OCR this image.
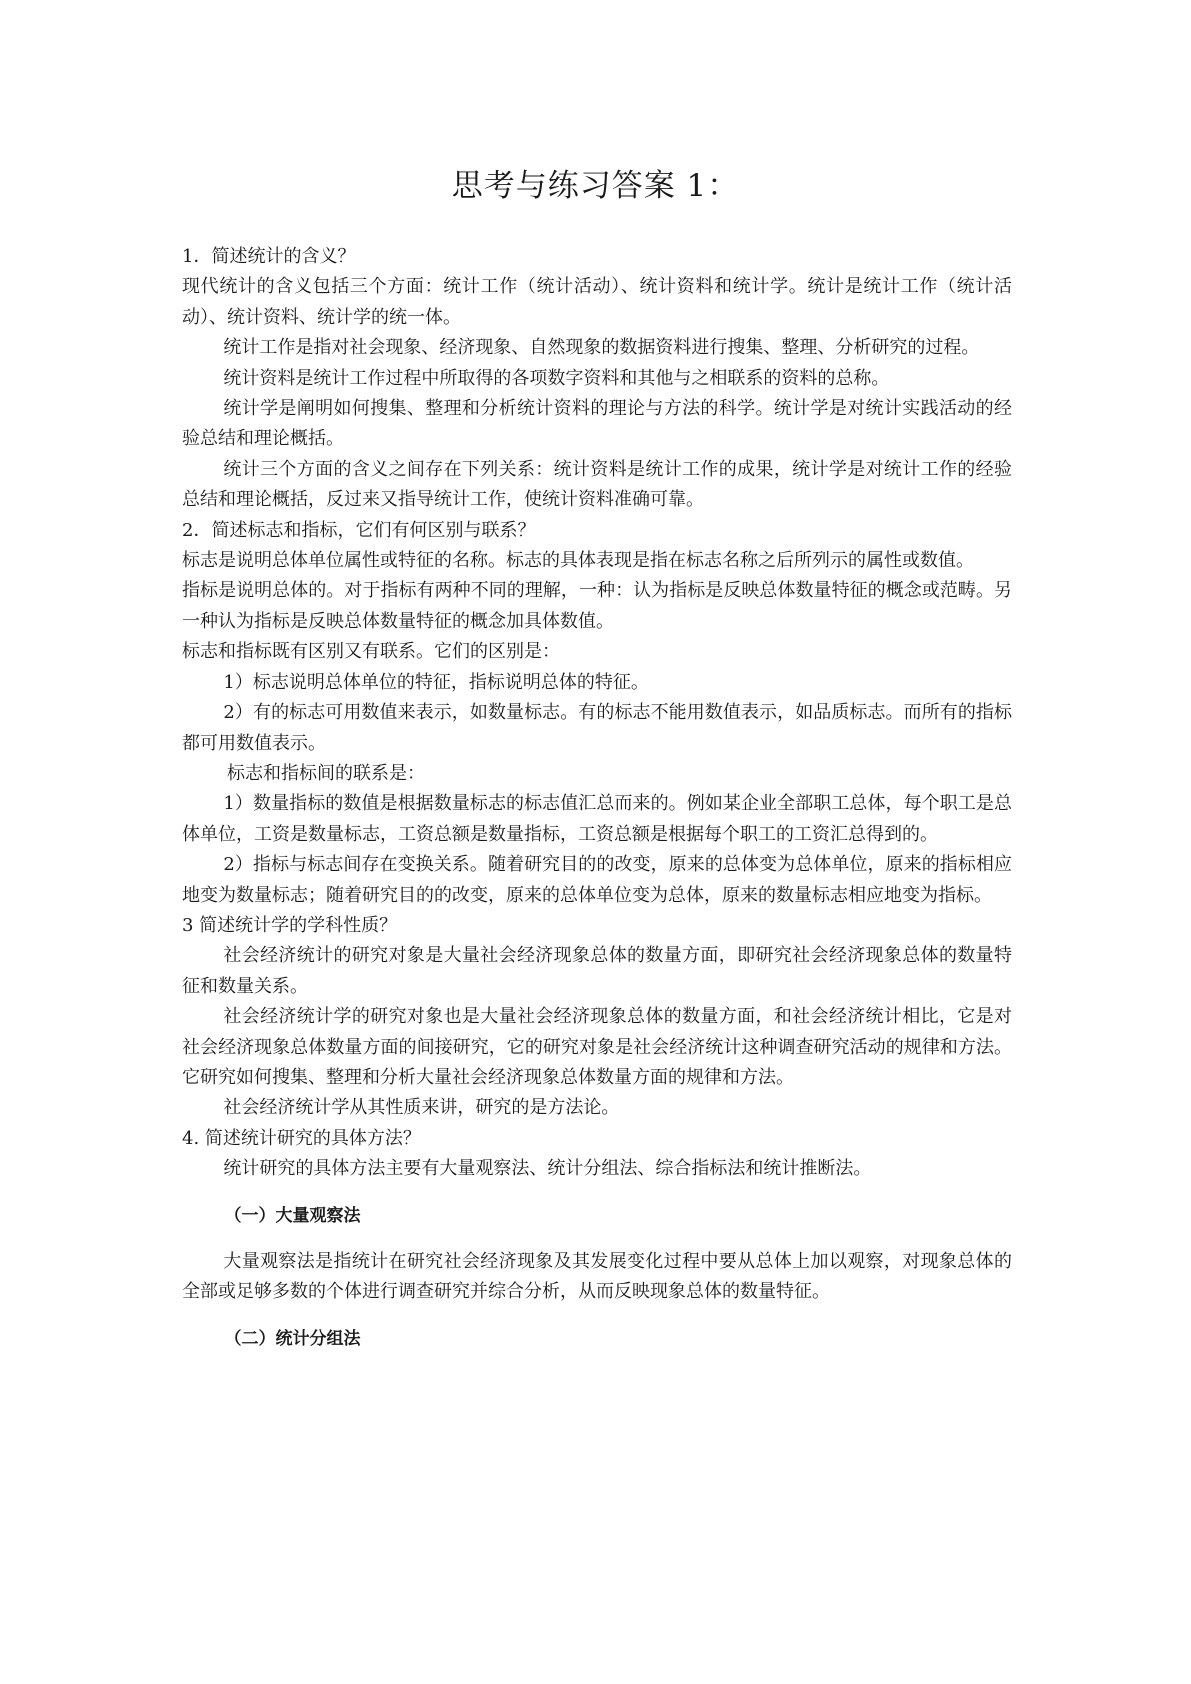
思考与练习答案 1：

1．简述统计的含义？

现代统计的含义包括三个方面：统计工作（统计活动）、统计资料和统计学。统计是统计工作（统计活动）、统计资料、统计学的统一体。

统计工作是指对社会现象、经济现象、自然现象的数据资料进行搜集、整理、分析研究的过程。

统计资料是统计工作过程中所取得的各项数字资料和其他与之相联系的资料的总称。

统计学是阐明如何搜集、整理和分析统计资料的理论与方法的科学。统计学是对统计实践活动的经验总结和理论概括。

统计三个方面的含义之间存在下列关系：统计资料是统计工作的成果，统计学是对统计工作的经验总结和理论概括，反过来又指导统计工作，使统计资料准确可靠。

2．简述标志和指标，它们有何区别与联系？

标志是说明总体单位属性或特征的名称。标志的具体表现是指在标志名称之后所列示的属性或数值。

指标是说明总体的。对于指标有两种不同的理解，一种：认为指标是反映总体数量特征的概念或范畴。另一种认为指标是反映总体数量特征的概念加具体数值。

标志和指标既有区别又有联系。它们的区别是：

1）标志说明总体单位的特征，指标说明总体的特征。

2）有的标志可用数值来表示，如数量标志。有的标志不能用数值表示，如品质标志。而所有的指标都可用数值表示。

标志和指标间的联系是：

1）数量指标的数值是根据数量标志的标志值汇总而来的。例如某企业全部职工总体，每个职工是总体单位，工资是数量标志，工资总额是数量指标，工资总额是根据每个职工的工资汇总得到的。

2）指标与标志间存在变换关系。随着研究目的的改变，原来的总体变为总体单位，原来的指标相应地变为数量标志；随着研究目的的改变，原来的总体单位变为总体，原来的数量标志相应地变为指标。

3 简述统计学的学科性质？

社会经济统计的研究对象是大量社会经济现象总体的数量方面，即研究社会经济现象总体的数量特征和数量关系。

社会经济统计学的研究对象也是大量社会经济现象总体的数量方面，和社会经济统计相比，它是对社会经济现象总体数量方面的间接研究，它的研究对象是社会经济统计这种调查研究活动的规律和方法。它研究如何搜集、整理和分析大量社会经济现象总体数量方面的规律和方法。

社会经济统计学从其性质来讲，研究的是方法论。

4. 简述统计研究的具体方法？

统计研究的具体方法主要有大量观察法、统计分组法、综合指标法和统计推断法。

（一）大量观察法

大量观察法是指统计在研究社会经济现象及其发展变化过程中要从总体上加以观察，对现象总体的全部或足够多数的个体进行调查研究并综合分析，从而反映现象总体的数量特征。

（二）统计分组法
